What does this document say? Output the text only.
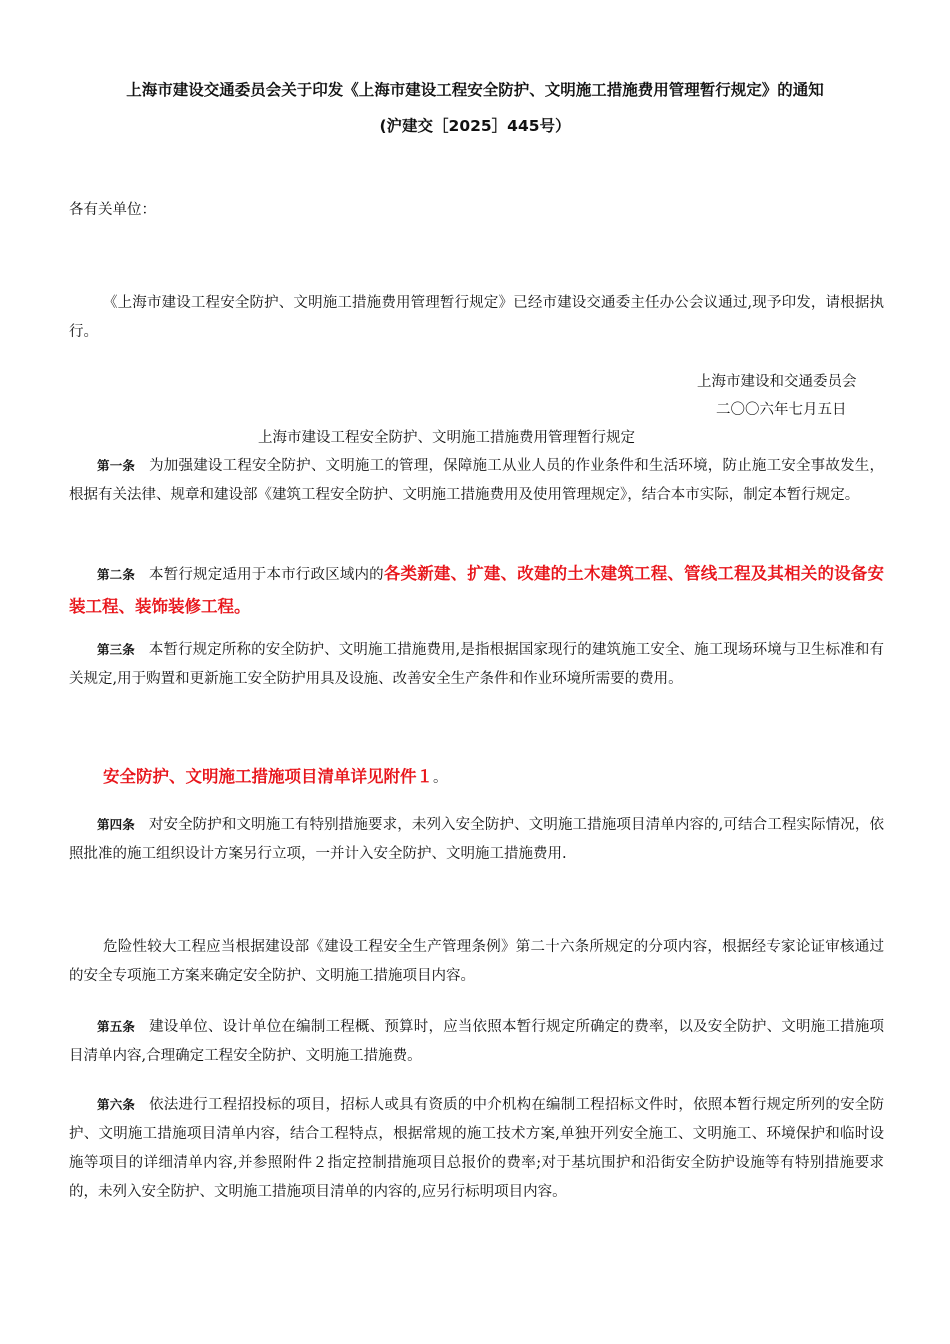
上海市建设交通委员会关于印发《上海市建设工程安全防护、文明施工措施费用管理暂行规定》的通知
(沪建交［2025］445号）
各有关单位：
《上海市建设工程安全防护、文明施工措施费用管理暂行规定》已经市建设交通委主任办公会议通过,现予印发，请根据执行。
上海市建设和交通委员会
二〇〇六年七月五日
上海市建设工程安全防护、文明施工措施费用管理暂行规定
第一条 为加强建设工程安全防护、文明施工的管理，保障施工从业人员的作业条件和生活环境，防止施工安全事故发生，根据有关法律、规章和建设部《建筑工程安全防护、文明施工措施费用及使用管理规定》，结合本市实际，制定本暂行规定。
第二条 本暂行规定适用于本市行政区域内的各类新建、扩建、改建的土木建筑工程、管线工程及其相关的设备安装工程、装饰装修工程。
第三条 本暂行规定所称的安全防护、文明施工措施费用,是指根据国家现行的建筑施工安全、施工现场环境与卫生标准和有关规定,用于购置和更新施工安全防护用具及设施、改善安全生产条件和作业环境所需要的费用。
安全防护、文明施工措施项目清单详见附件１。
第四条 对安全防护和文明施工有特别措施要求，未列入安全防护、文明施工措施项目清单内容的,可结合工程实际情况，依照批准的施工组织设计方案另行立项，一并计入安全防护、文明施工措施费用.
危险性较大工程应当根据建设部《建设工程安全生产管理条例》第二十六条所规定的分项内容，根据经专家论证审核通过的安全专项施工方案来确定安全防护、文明施工措施项目内容。
第五条 建设单位、设计单位在编制工程概、预算时，应当依照本暂行规定所确定的费率，以及安全防护、文明施工措施项目清单内容,合理确定工程安全防护、文明施工措施费。
第六条 依法进行工程招投标的项目，招标人或具有资质的中介机构在编制工程招标文件时，依照本暂行规定所列的安全防护、文明施工措施项目清单内容，结合工程特点，根据常规的施工技术方案,单独开列安全施工、文明施工、环境保护和临时设施等项目的详细清单内容,并参照附件２指定控制措施项目总报价的费率;对于基坑围护和沿街安全防护设施等有特别措施要求的，未列入安全防护、文明施工措施项目清单的内容的,应另行标明项目内容。
